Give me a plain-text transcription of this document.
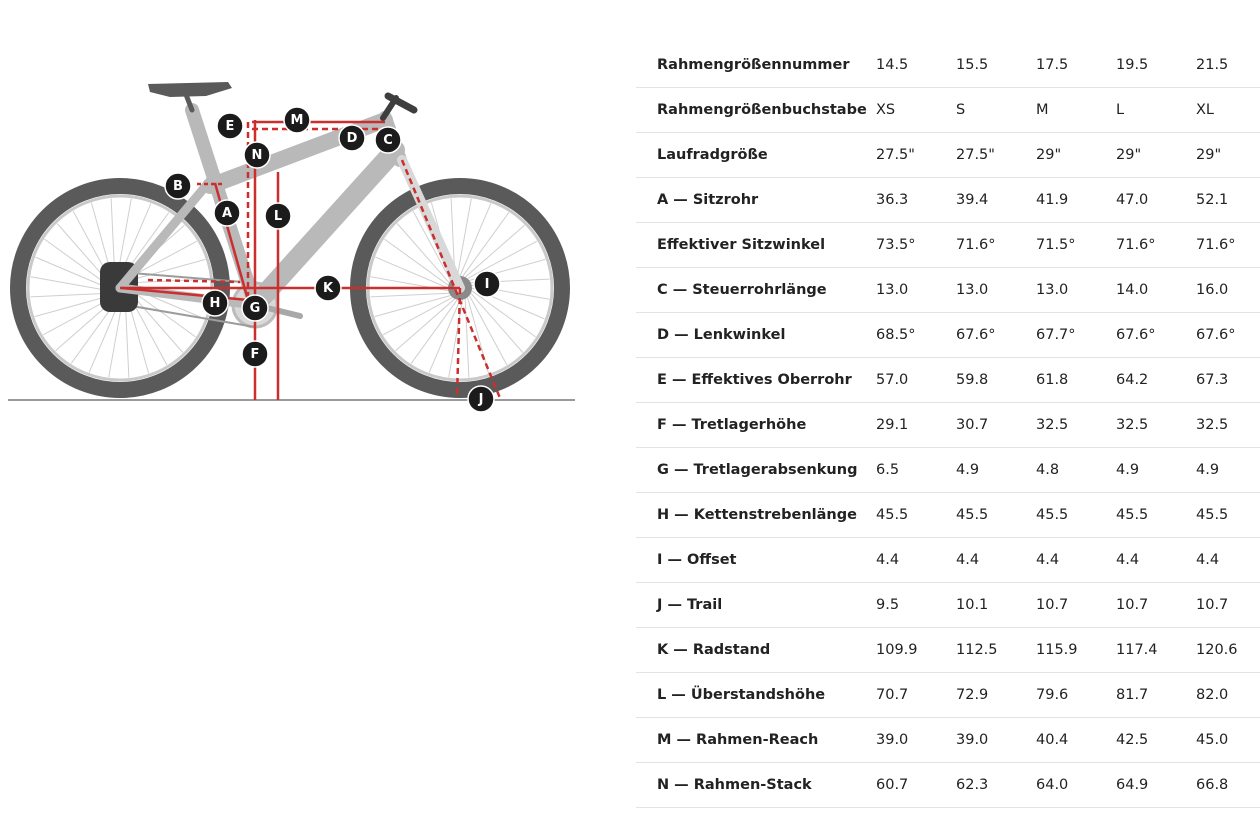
A
B
C
D
E
F
G
H
I
J
K
L
M
N
Rahmengrößennummer	14.5	15.5	17.5	19.5	21.5
Rahmengrößenbuchstabe	XS	S	M	L	XL
Laufradgröße	27.5"	27.5"	29"	29"	29"
A — Sitzrohr	36.3	39.4	41.9	47.0	52.1
Effektiver Sitzwinkel	73.5°	71.6°	71.5°	71.6°	71.6°
C — Steuerrohrlänge	13.0	13.0	13.0	14.0	16.0
D — Lenkwinkel	68.5°	67.6°	67.7°	67.6°	67.6°
E — Effektives Oberrohr	57.0	59.8	61.8	64.2	67.3
F — Tretlagerhöhe	29.1	30.7	32.5	32.5	32.5
G — Tretlagerabsenkung	6.5	4.9	4.8	4.9	4.9
H — Kettenstrebenlänge	45.5	45.5	45.5	45.5	45.5
I — Offset	4.4	4.4	4.4	4.4	4.4
J — Trail	9.5	10.1	10.7	10.7	10.7
K — Radstand	109.9	112.5	115.9	117.4	120.6
L — Überstandshöhe	70.7	72.9	79.6	81.7	82.0
M — Rahmen-Reach	39.0	39.0	40.4	42.5	45.0
N — Rahmen-Stack	60.7	62.3	64.0	64.9	66.8
